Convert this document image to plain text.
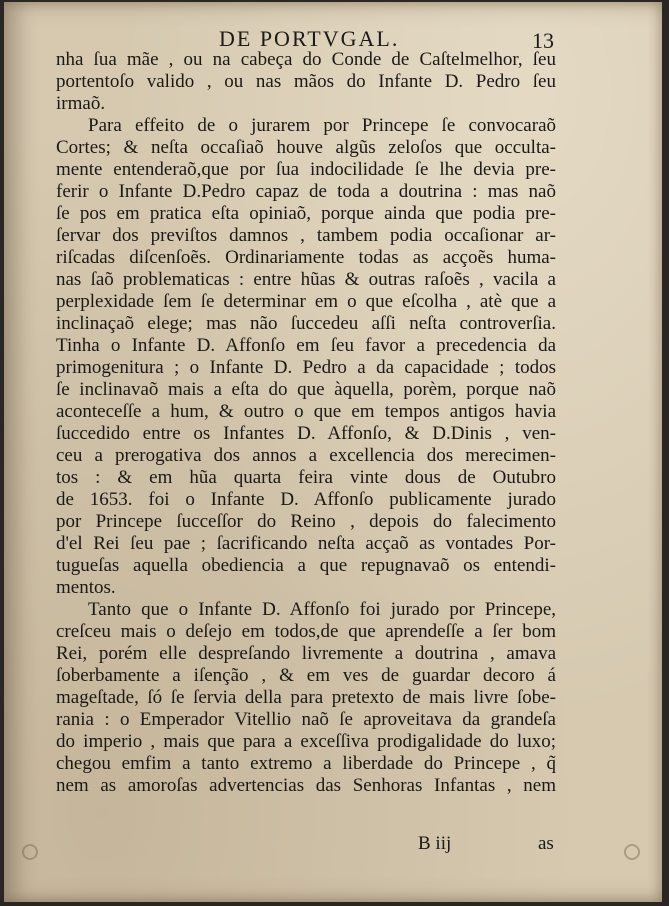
DE PORTVGAL.	13
nha ſua mãe , ou na cabeça do Conde de Caſtelmelhor, ſeu
portentoſo valido , ou nas mãos do Infante D. Pedro ſeu
irmaõ.
Para effeito de o jurarem por Princepe ſe convocaraõ
Cortes; & neſta occaſiaõ houve algũs zeloſos que occulta-
mente entenderaõ,que por ſua indocilidade ſe lhe devia pre-
ferir o Infante D.Pedro capaz de toda a doutrina : mas naõ
ſe pos em pratica eſta opiniaõ, porque ainda que podia pre-
ſervar dos previſtos damnos , tambem podia occaſionar ar-
riſcadas diſcenſoẽs. Ordinariamente todas as acçoẽs huma-
nas ſaõ problematicas : entre hũas & outras raſoẽs , vacila a
perplexidade ſem ſe determinar em o que eſcolha , atè que a
inclinaçaõ elege; mas não ſuccedeu aſſi neſta controverſia.
Tinha o Infante D. Affonſo em ſeu favor a precedencia da
primogenitura ; o Infante D. Pedro a da capacidade ; todos
ſe inclinavaõ mais a eſta do que àquella, porèm, porque naõ
aconteceſſe a hum, & outro o que em tempos antigos havia
ſuccedido entre os Infantes D. Affonſo, & D.Dinis , ven-
ceu a prerogativa dos annos a excellencia dos merecimen-
tos : & em hũa quarta feira vinte dous de Outubro
de 1653. foi o Infante D. Affonſo publicamente jurado
por Princepe ſucceſſor do Reino , depois do falecimento
d'el Rei ſeu pae ; ſacrificando neſta acçaõ as vontades Por-
tugueſas aquella obediencia a que repugnavaõ os entendi-
mentos.
Tanto que o Infante D. Affonſo foi jurado por Princepe,
creſceu mais o deſejo em todos,de que aprendeſſe a ſer bom
Rei, porém elle despreſando livremente a doutrina , amava
ſoberbamente a iſenção , & em ves de guardar decoro á
mageſtade, ſó ſe ſervia della para pretexto de mais livre ſobe-
rania : o Emperador Vitellio naõ ſe aproveitava da grandeſa
do imperio , mais que para a exceſſiva prodigalidade do luxo;
chegou emfim a tanto extremo a liberdade do Princepe , q̃
nem as amoroſas advertencias das Senhoras Infantas , nem
B iij	as
